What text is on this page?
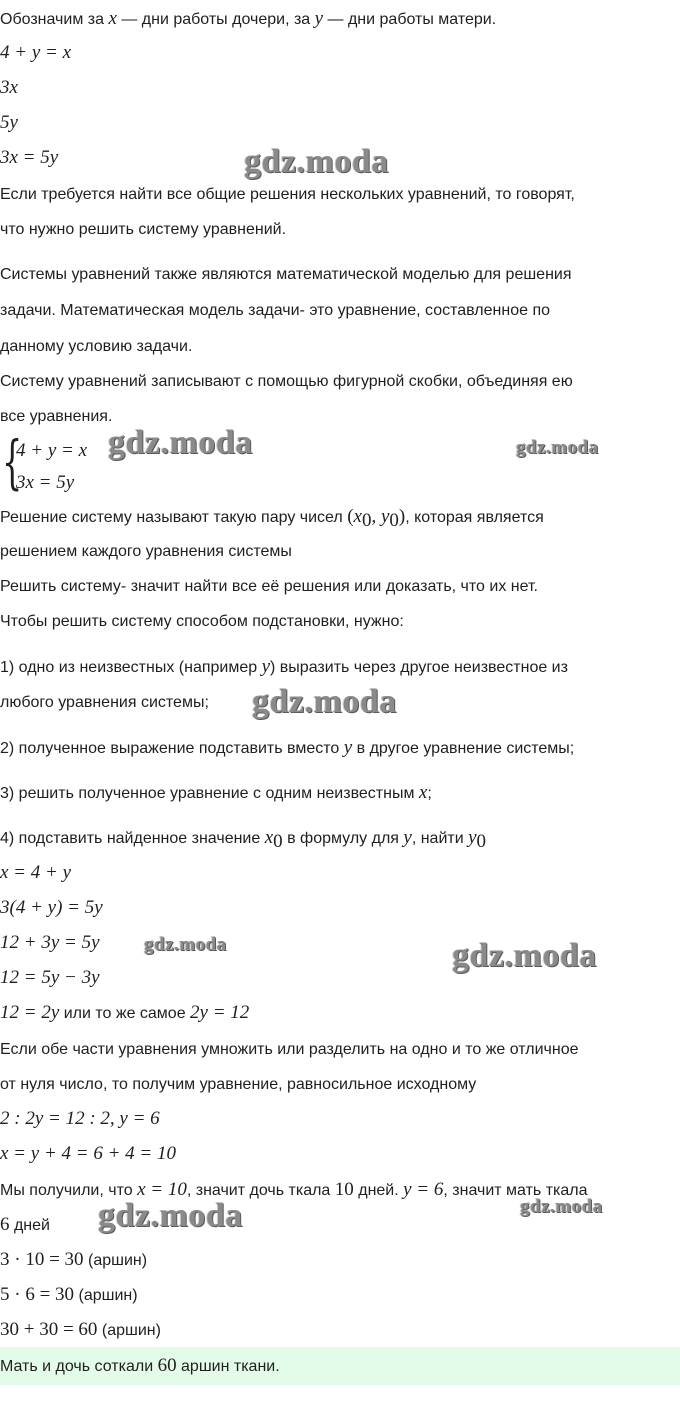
Обозначим за x — дни работы дочери, за y — дни работы матери.
4 + y = x
3x
5y
3x = 5y
Если требуется найти все общие решения нескольких уравнений, то говорят,
что нужно решить систему уравнений.
Системы уравнений также являются математической моделью для решения
задачи. Математическая модель задачи- это уравнение, составленное по
данному условию задачи.
Систему уравнений записывают с помощью фигурной скобки, объединяя ею
все уравнения.
{
4 + y = x
3x = 5y
Решение систему называют такую пару чисел ($x_0$, $y_0$), которая является
решением каждого уравнения системы
Решить систему- значит найти все её решения или доказать, что их нет.
Чтобы решить систему способом подстановки, нужно:
1) одно из неизвестных (например y) выразить через другое неизвестное из
любого уравнения системы;
2) полученное выражение подставить вместо y в другое уравнение системы;
3) решить полученное уравнение с одним неизвестным x;
4) подставить найденное значение $x_0$ в формулу для y, найти $y_0$
x = 4 + y
3(4 + y) = 5y
12 + 3y = 5y
12 = 5y − 3y
12 = 2y или то же самое 2y = 12
Если обе части уравнения умножить или разделить на одно и то же отличное
от нуля число, то получим уравнение, равносильное исходному
2 : 2y = 12 : 2, y = 6
x = y + 4 = 6 + 4 = 10
Мы получили, что x = 10, значит дочь ткала 10 дней. y = 6, значит мать ткала
6 дней
3 · 10 = 30 (аршин)
5 · 6 = 30 (аршин)
30 + 30 = 60 (аршин)
Мать и дочь соткали 60 аршин ткани.
gdz.moda
gdz.moda	gdz.moda
gdz.moda
gdz.moda	gdz.moda
gdz.moda	gdz.moda
